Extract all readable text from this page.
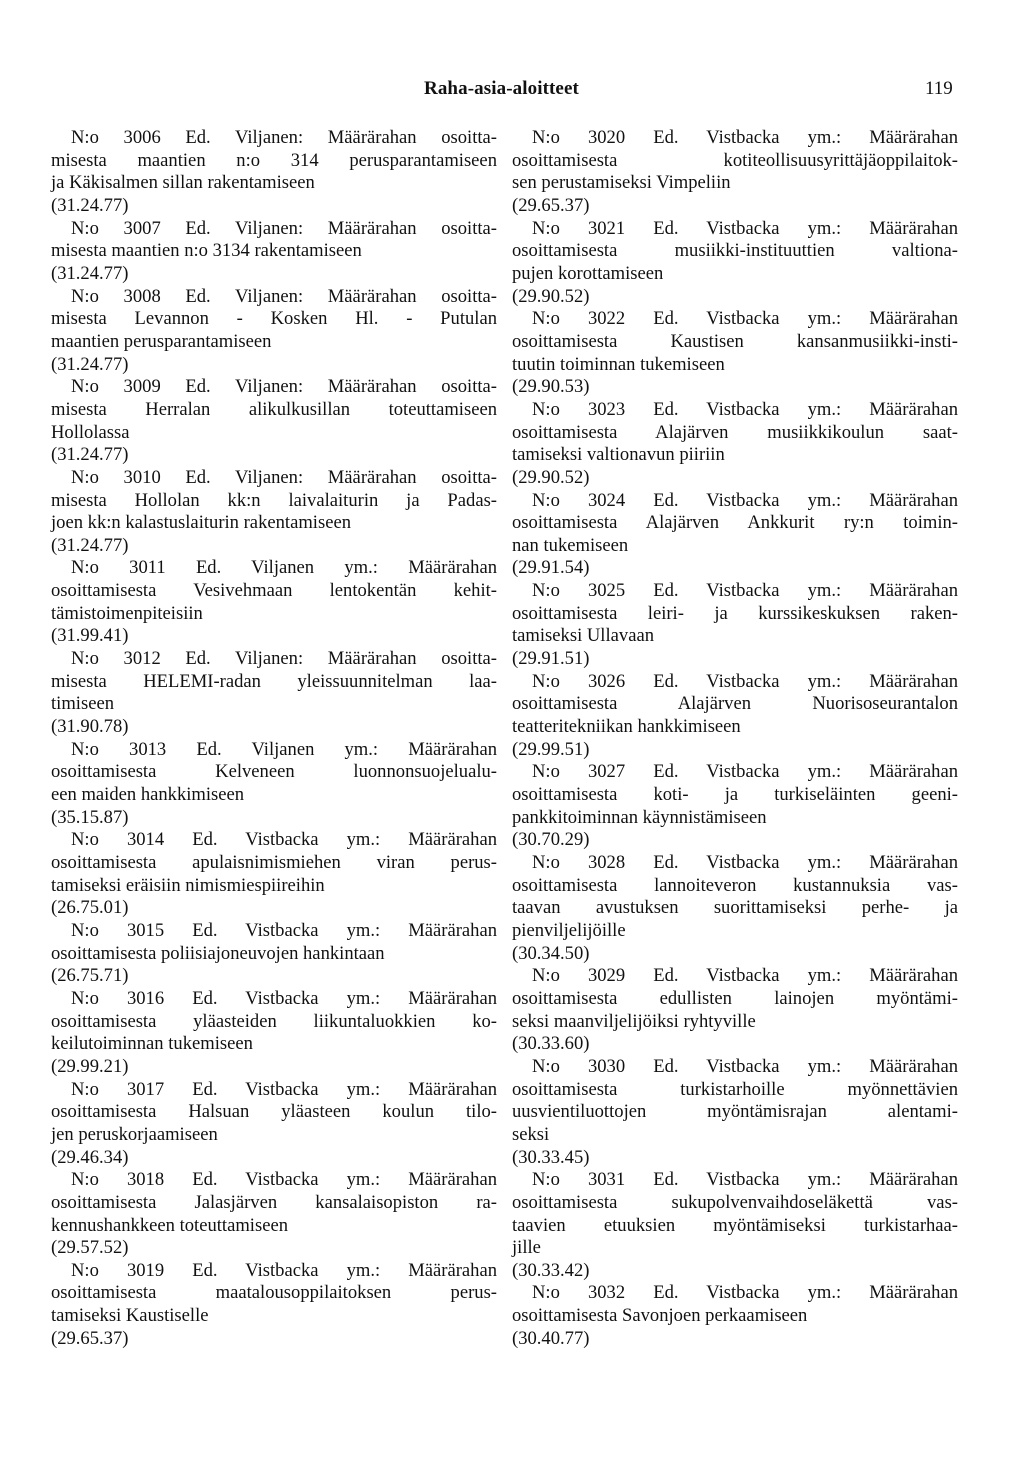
Raha-asia-aloitteet	119
N:o 3006 Ed. Viljanen: Määrärahan osoitta-
misesta maantien n:o 314 perusparantamiseen
ja Käkisalmen sillan rakentamiseen
(31.24.77)
N:o 3007 Ed. Viljanen: Määrärahan osoitta-
misesta maantien n:o 3134 rakentamiseen
(31.24.77)
N:o 3008 Ed. Viljanen: Määrärahan osoitta-
misesta Levannon - Kosken Hl. - Putulan
maantien perusparantamiseen
(31.24.77)
N:o 3009 Ed. Viljanen: Määrärahan osoitta-
misesta Herralan alikulkusillan toteuttamiseen
Hollolassa
(31.24.77)
N:o 3010 Ed. Viljanen: Määrärahan osoitta-
misesta Hollolan kk:n laivalaiturin ja Padas-
joen kk:n kalastuslaiturin rakentamiseen
(31.24.77)
N:o 3011 Ed. Viljanen ym.: Määrärahan
osoittamisesta Vesivehmaan lentokentän kehit-
tämistoimenpiteisiin
(31.99.41)
N:o 3012 Ed. Viljanen: Määrärahan osoitta-
misesta HELEMI-radan yleissuunnitelman laa-
timiseen
(31.90.78)
N:o 3013 Ed. Viljanen ym.: Määrärahan
osoittamisesta Kelveneen luonnonsuojelualu-
een maiden hankkimiseen
(35.15.87)
N:o 3014 Ed. Vistbacka ym.: Määrärahan
osoittamisesta apulaisnimismiehen viran perus-
tamiseksi eräisiin nimismiespiireihin
(26.75.01)
N:o 3015 Ed. Vistbacka ym.: Määrärahan
osoittamisesta poliisiajoneuvojen hankintaan
(26.75.71)
N:o 3016 Ed. Vistbacka ym.: Määrärahan
osoittamisesta yläasteiden liikuntaluokkien ko-
keilutoiminnan tukemiseen
(29.99.21)
N:o 3017 Ed. Vistbacka ym.: Määrärahan
osoittamisesta Halsuan yläasteen koulun tilo-
jen peruskorjaamiseen
(29.46.34)
N:o 3018 Ed. Vistbacka ym.: Määrärahan
osoittamisesta Jalasjärven kansalaisopiston ra-
kennushankkeen toteuttamiseen
(29.57.52)
N:o 3019 Ed. Vistbacka ym.: Määrärahan
osoittamisesta maatalousoppilaitoksen perus-
tamiseksi Kaustiselle
(29.65.37)
N:o 3020 Ed. Vistbacka ym.: Määrärahan
osoittamisesta kotiteollisuusyrittäjäoppilaitok-
sen perustamiseksi Vimpeliin
(29.65.37)
N:o 3021 Ed. Vistbacka ym.: Määrärahan
osoittamisesta musiikki-instituuttien valtiona-
pujen korottamiseen
(29.90.52)
N:o 3022 Ed. Vistbacka ym.: Määrärahan
osoittamisesta Kaustisen kansanmusiikki-insti-
tuutin toiminnan tukemiseen
(29.90.53)
N:o 3023 Ed. Vistbacka ym.: Määrärahan
osoittamisesta Alajärven musiikkikoulun saat-
tamiseksi valtionavun piiriin
(29.90.52)
N:o 3024 Ed. Vistbacka ym.: Määrärahan
osoittamisesta Alajärven Ankkurit ry:n toimin-
nan tukemiseen
(29.91.54)
N:o 3025 Ed. Vistbacka ym.: Määrärahan
osoittamisesta leiri- ja kurssikeskuksen raken-
tamiseksi Ullavaan
(29.91.51)
N:o 3026 Ed. Vistbacka ym.: Määrärahan
osoittamisesta Alajärven Nuorisoseurantalon
teatteritekniikan hankkimiseen
(29.99.51)
N:o 3027 Ed. Vistbacka ym.: Määrärahan
osoittamisesta koti- ja turkiseläinten geeni-
pankkitoiminnan käynnistämiseen
(30.70.29)
N:o 3028 Ed. Vistbacka ym.: Määrärahan
osoittamisesta lannoiteveron kustannuksia vas-
taavan avustuksen suorittamiseksi perhe- ja
pienviljelijöille
(30.34.50)
N:o 3029 Ed. Vistbacka ym.: Määrärahan
osoittamisesta edullisten lainojen myöntämi-
seksi maanviljelijöiksi ryhtyville
(30.33.60)
N:o 3030 Ed. Vistbacka ym.: Määrärahan
osoittamisesta turkistarhoille myönnettävien
uusvientiluottojen myöntämisrajan alentami-
seksi
(30.33.45)
N:o 3031 Ed. Vistbacka ym.: Määrärahan
osoittamisesta sukupolvenvaihdoseläkettä vas-
taavien etuuksien myöntämiseksi turkistarhaa-
jille
(30.33.42)
N:o 3032 Ed. Vistbacka ym.: Määrärahan
osoittamisesta Savonjoen perkaamiseen
(30.40.77)
